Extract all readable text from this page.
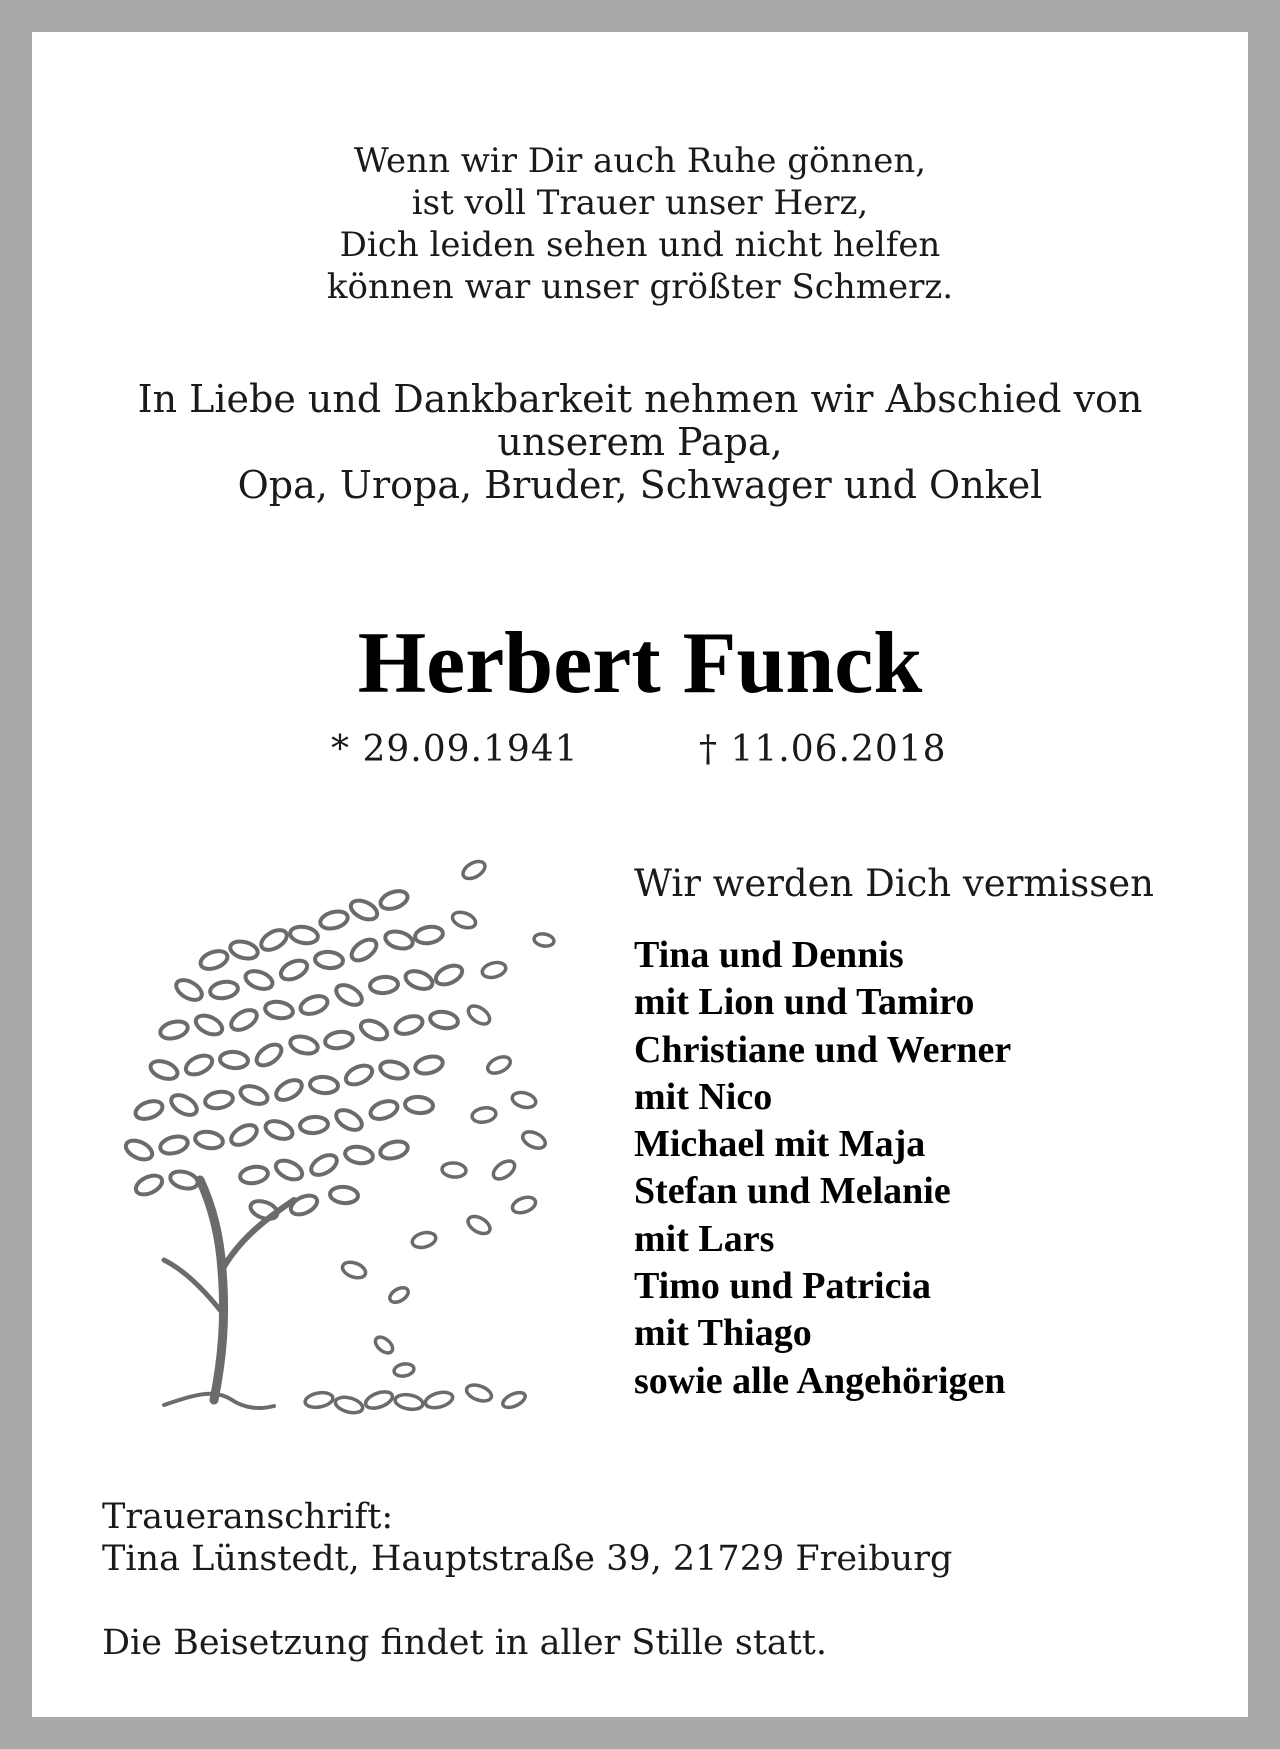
Wenn wir Dir auch Ruhe gönnen,
ist voll Trauer unser Herz,
Dich leiden sehen und nicht helfen
können war unser größter Schmerz.
In Liebe und Dankbarkeit nehmen wir Abschied von
unserem Papa,
Opa, Uropa, Bruder, Schwager und Onkel
Herbert Funck
* 29.09.1941	† 11.06.2018
Wir werden Dich vermissen
Tina und Dennis
mit Lion und Tamiro
Christiane und Werner
mit Nico
Michael mit Maja
Stefan und Melanie
mit Lars
Timo und Patricia
mit Thiago
sowie alle Angehörigen
Traueranschrift:
Tina Lünstedt, Hauptstraße 39, 21729 Freiburg
Die Beisetzung findet in aller Stille statt.
